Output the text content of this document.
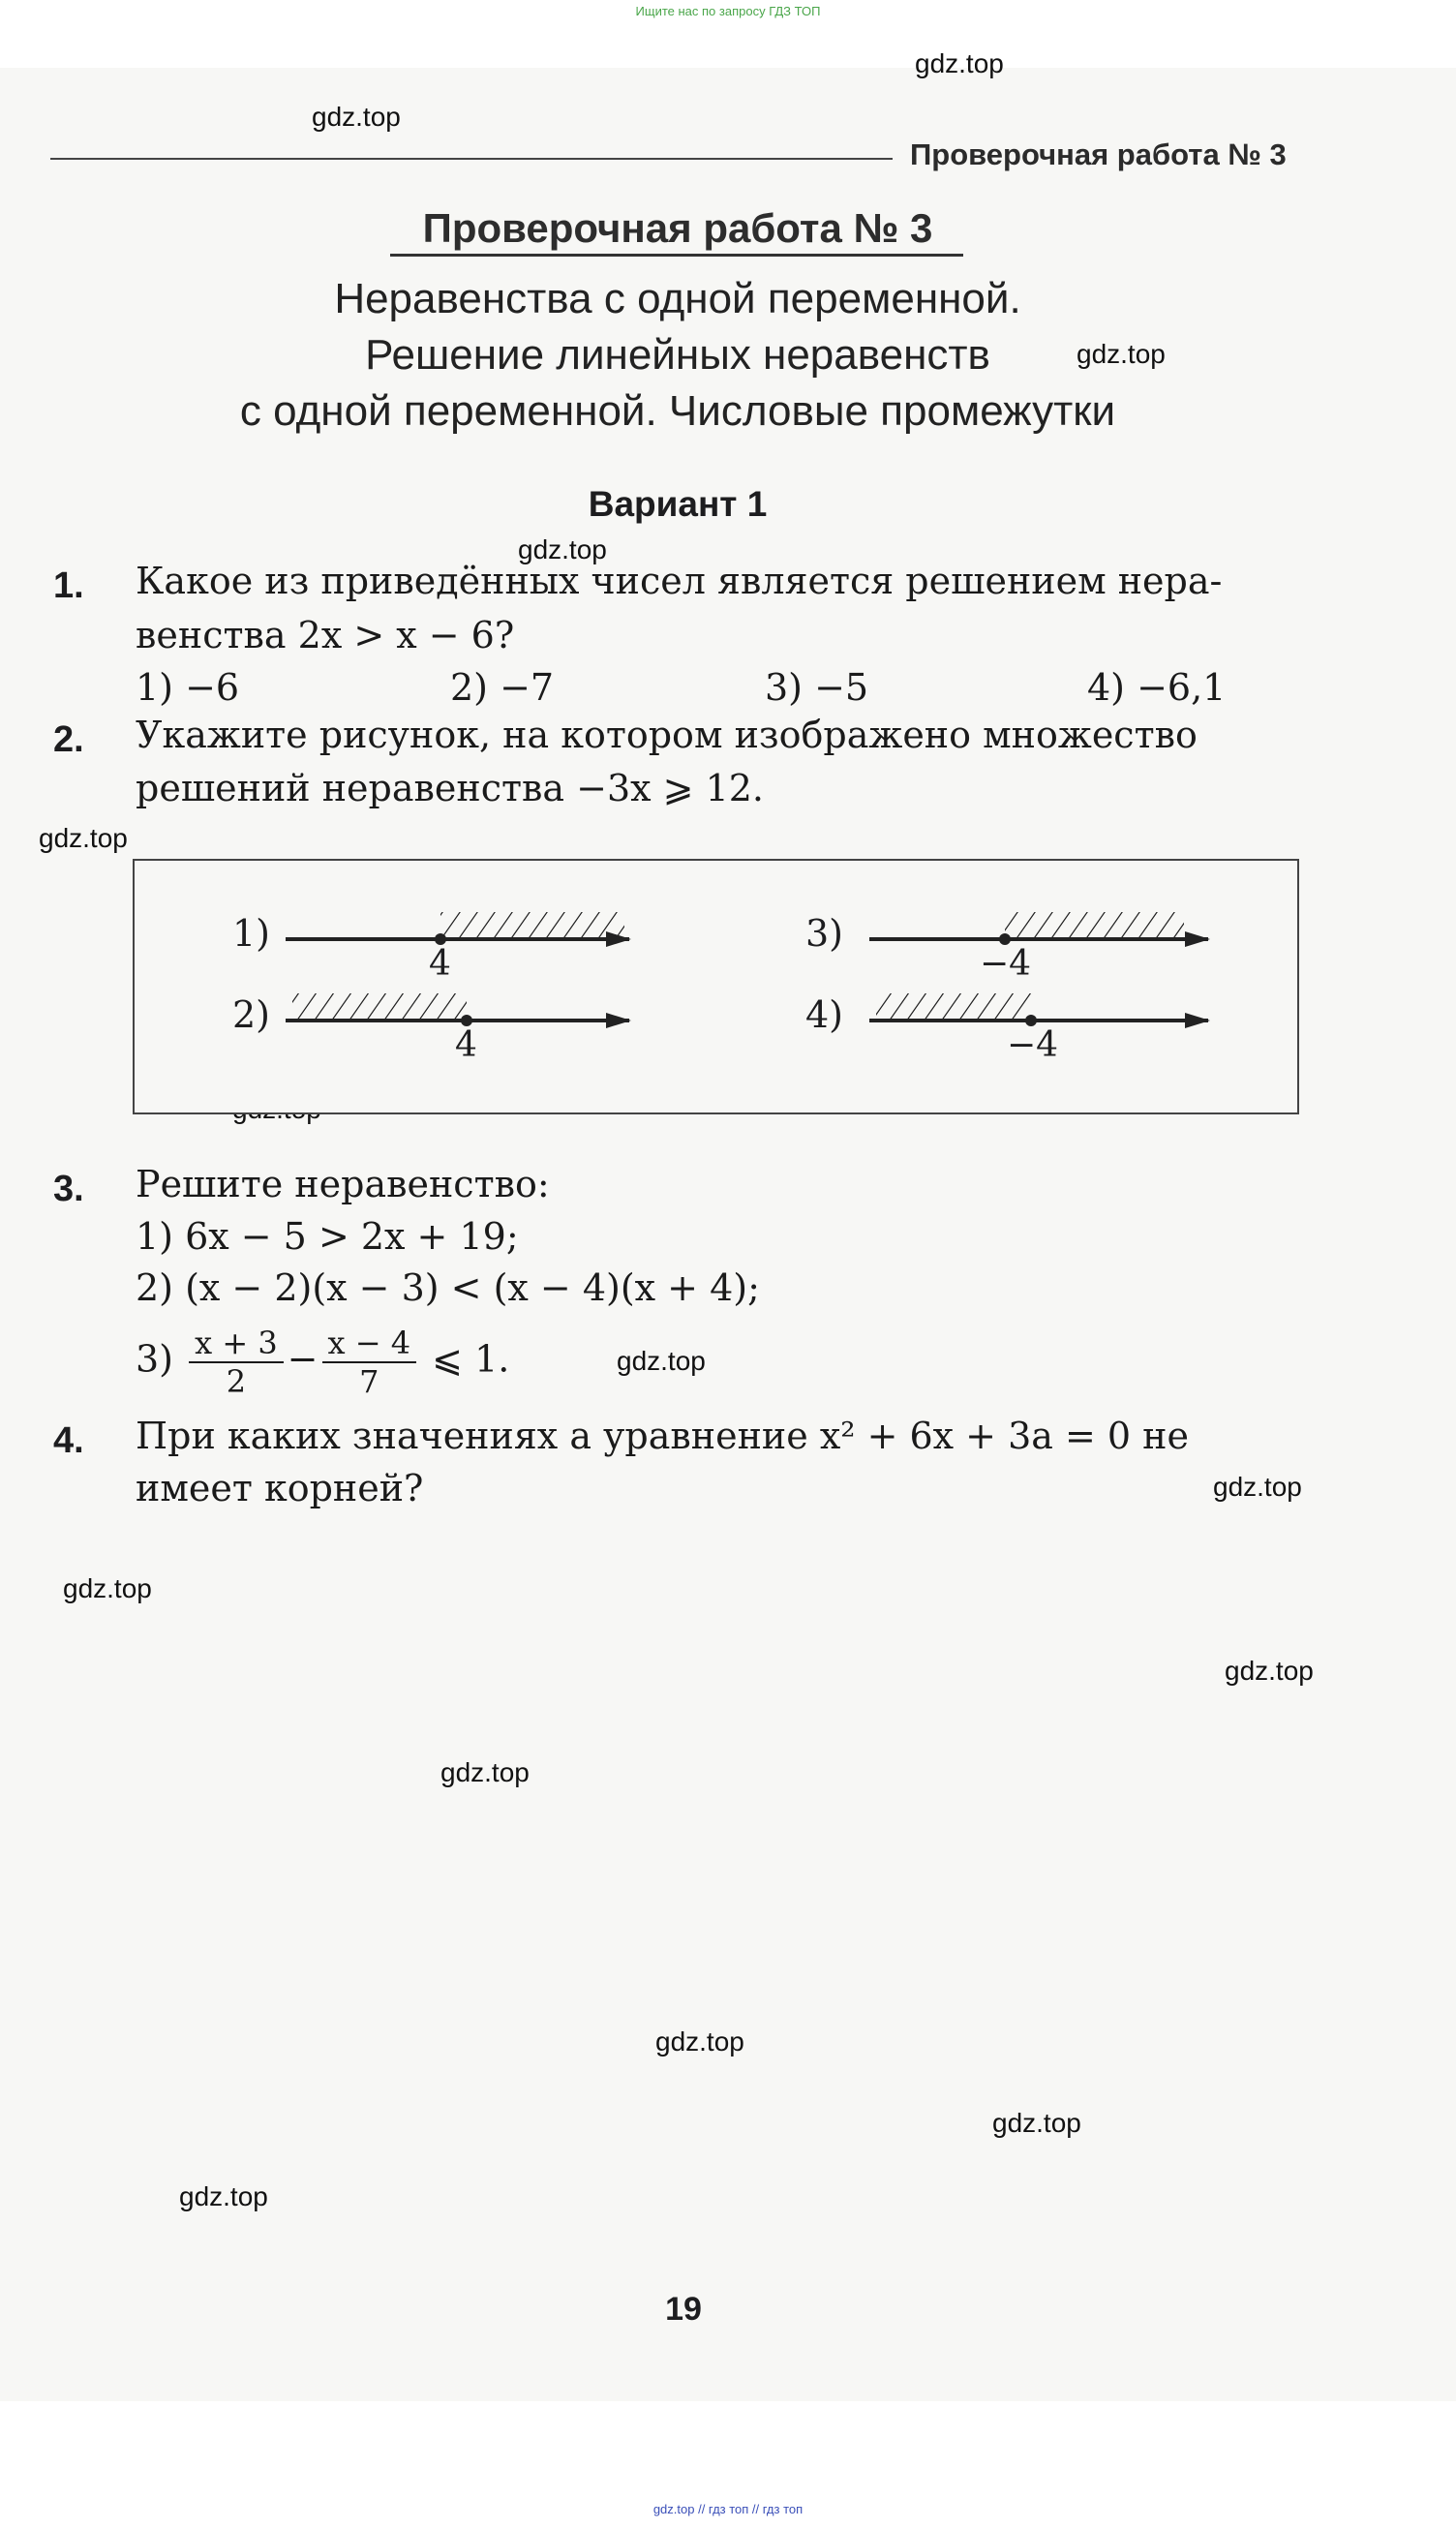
Ищите нас по запросу ГДЗ ТОП
gdz.top
gdz.top
gdz.top
gdz.top
gdz.top
gdz.top
gdz.top
gdz.top
gdz.top
gdz.top
gdz.top
gdz.top
gdz.top
Проверочная работа № 3
Проверочная работа № 3
Неравенства с одной переменной.
Решение линейных неравенств
с одной переменной. Числовые промежутки
Вариант 1
1. Какое из приведённых чисел является решением нера-
венства 2x > x − 6?
1) −6	2) −7	3) −5	4) −6,1
2. Укажите рисунок, на котором изображено множество
решений неравенства −3x ⩾ 12.
1)
4
2)
4
3)
−4
4)
−4
3. Решите неравенство:
1) 6x − 5 > 2x + 19;
2) (x − 2)(x − 3) < (x − 4)(x + 4);
$3) \frac{x + 3}{2} - \frac{x - 4}{7}$ ⩽ 1.
4. При каких значениях a уравнение x² + 6x + 3a = 0 не
имеет корней?
19
gdz.top // гдз топ // гдз топ
